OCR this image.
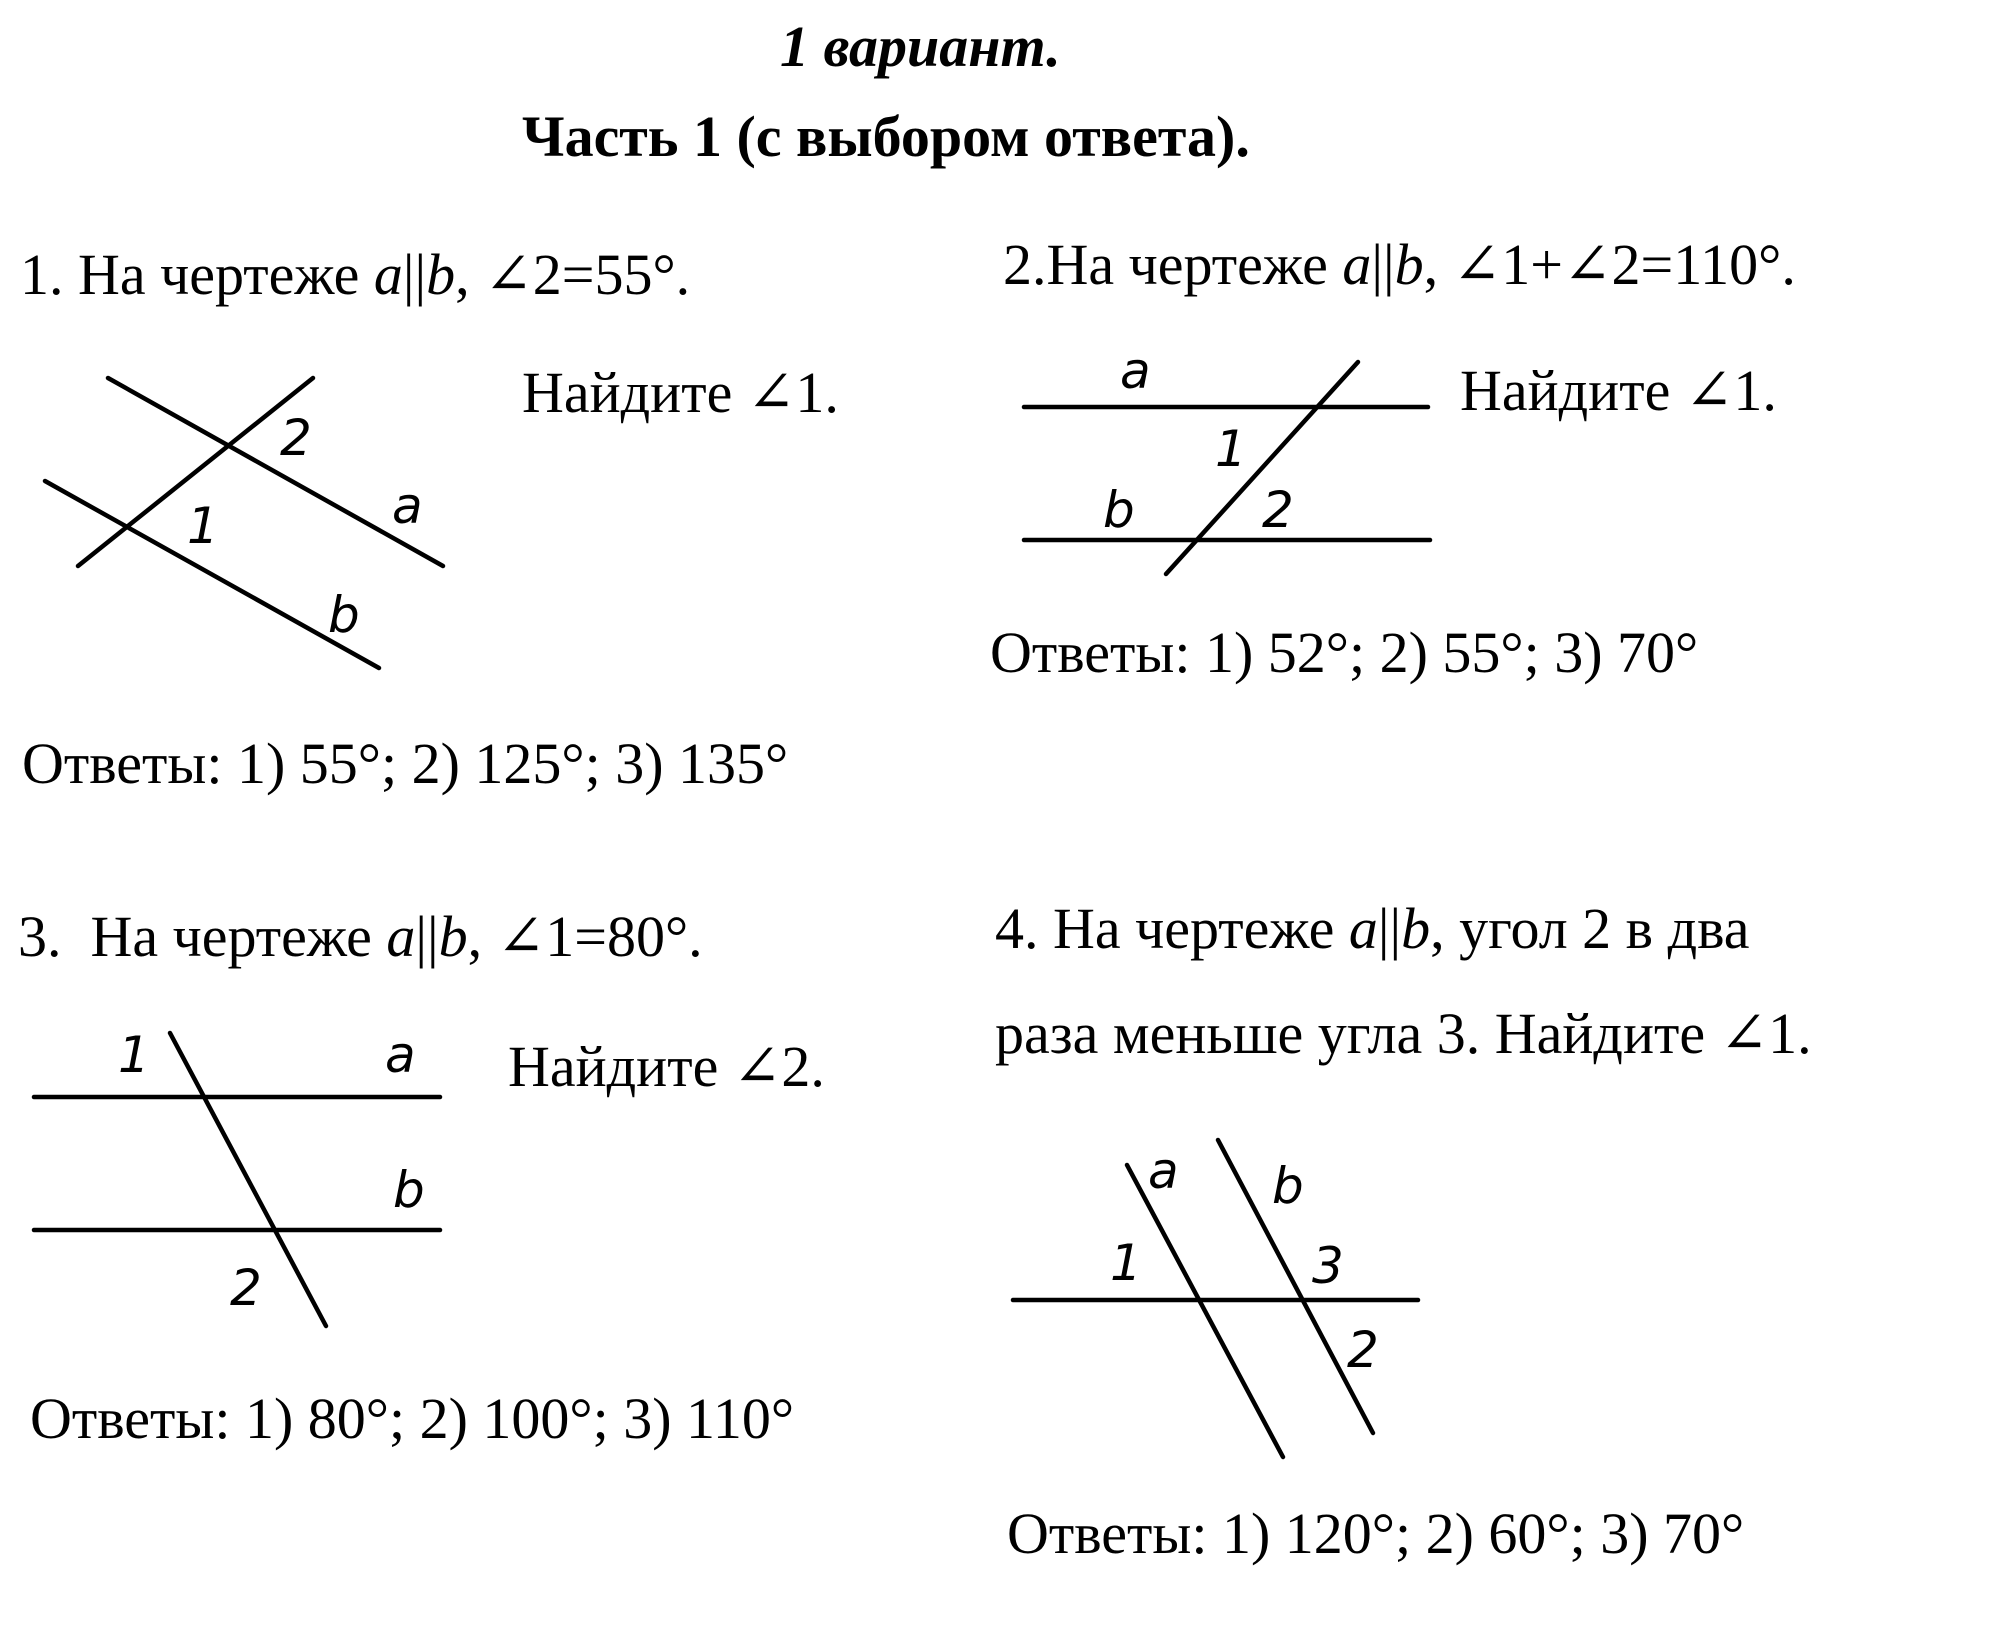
1 вариант.
Часть 1 (с выбором ответа).
1. На чертеже a||b, ∠2=55°.
Найдите ∠1.
2
1	a
b
Ответы: 1) 55°; 2) 125°; 3) 135°
2.На чертеже a||b, ∠1+∠2=110°.
Найдите ∠1.
a
1
b	2
Ответы: 1) 52°; 2) 55°; 3) 70°
3. На чертеже a||b, ∠1=80°.
Найдите ∠2.
1	a
b
2
Ответы: 1) 80°; 2) 100°; 3) 110°
4. На чертеже a||b, угол 2 в два
раза меньше угла 3. Найдите ∠1.
a b
1	3
2
Ответы: 1) 120°; 2) 60°; 3) 70°
